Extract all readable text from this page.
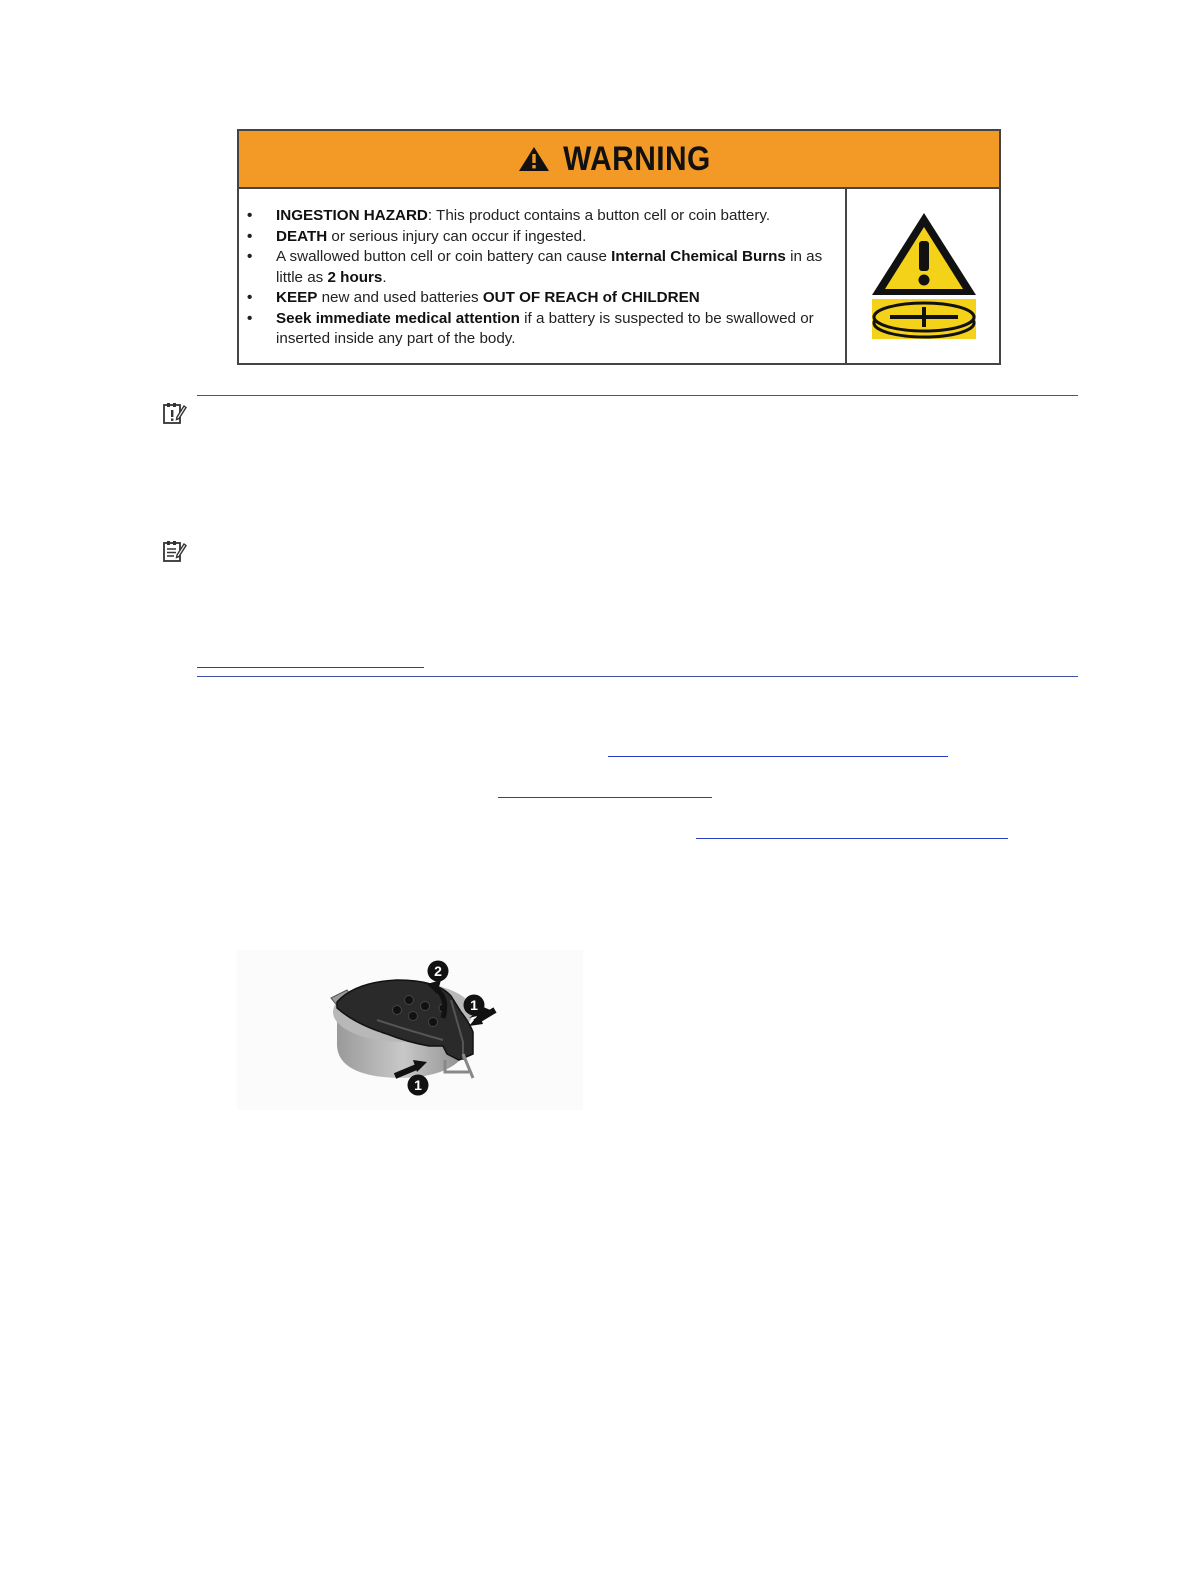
WARNING
• INGESTION HAZARD: This product contains a button cell or coin battery.
• DEATH or serious injury can occur if ingested.
• A swallowed button cell or coin battery can cause Internal Chemical Burns in as little as 2 hours.
• KEEP new and used batteries OUT OF REACH of CHILDREN
• Seek immediate medical attention if a battery is suspected to be swallowed or inserted inside any part of the body.
2
1
1
